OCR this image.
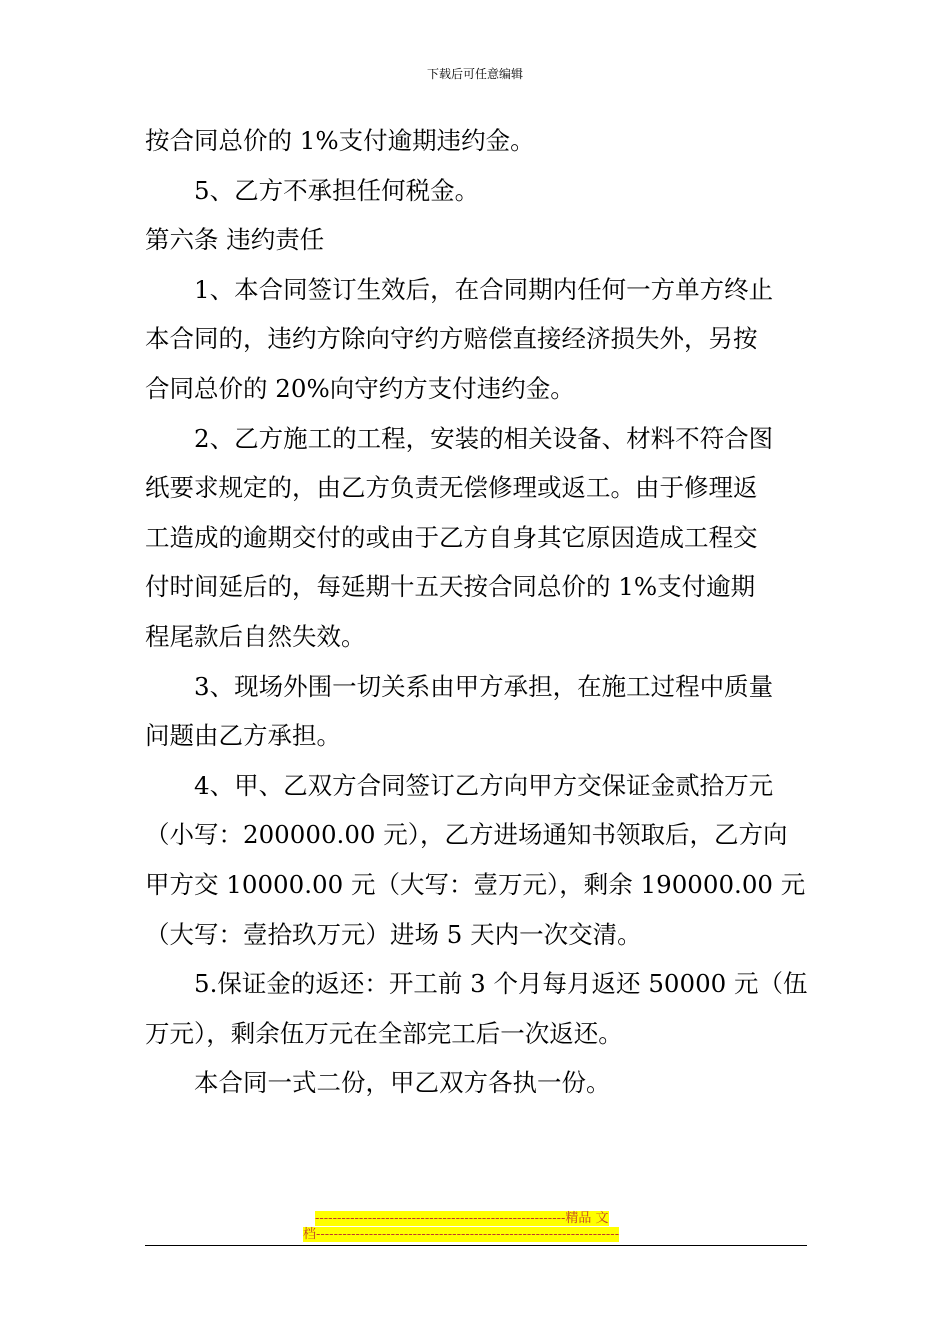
下载后可任意编辑
按合同总价的 1%支付逾期违约金。
5、乙方不承担任何税金。
第六条 违约责任
1、本合同签订生效后，在合同期内任何一方单方终止
本合同的，违约方除向守约方赔偿直接经济损失外，另按
合同总价的 20%向守约方支付违约金。
2、乙方施工的工程，安装的相关设备、材料不符合图
纸要求规定的，由乙方负责无偿修理或返工。由于修理返
工造成的逾期交付的或由于乙方自身其它原因造成工程交
付时间延后的，每延期十五天按合同总价的 1%支付逾期
程尾款后自然失效。
3、现场外围一切关系由甲方承担，在施工过程中质量
问题由乙方承担。
4、甲、乙双方合同签订乙方向甲方交保证金贰拾万元
（小写：200000.00 元），乙方进场通知书领取后，乙方向
甲方交 10000.00 元（大写：壹万元），剩余 190000.00 元
（大写：壹拾玖万元）进场 5 天内一次交清。
5.保证金的返还：开工前 3 个月每月返还 50000 元（伍
万元），剩余伍万元在全部完工后一次返还。
本合同一式二份，甲乙双方各执一份。
---------------------------------------------------------精品 文
档---------------------------------------------------------------------
